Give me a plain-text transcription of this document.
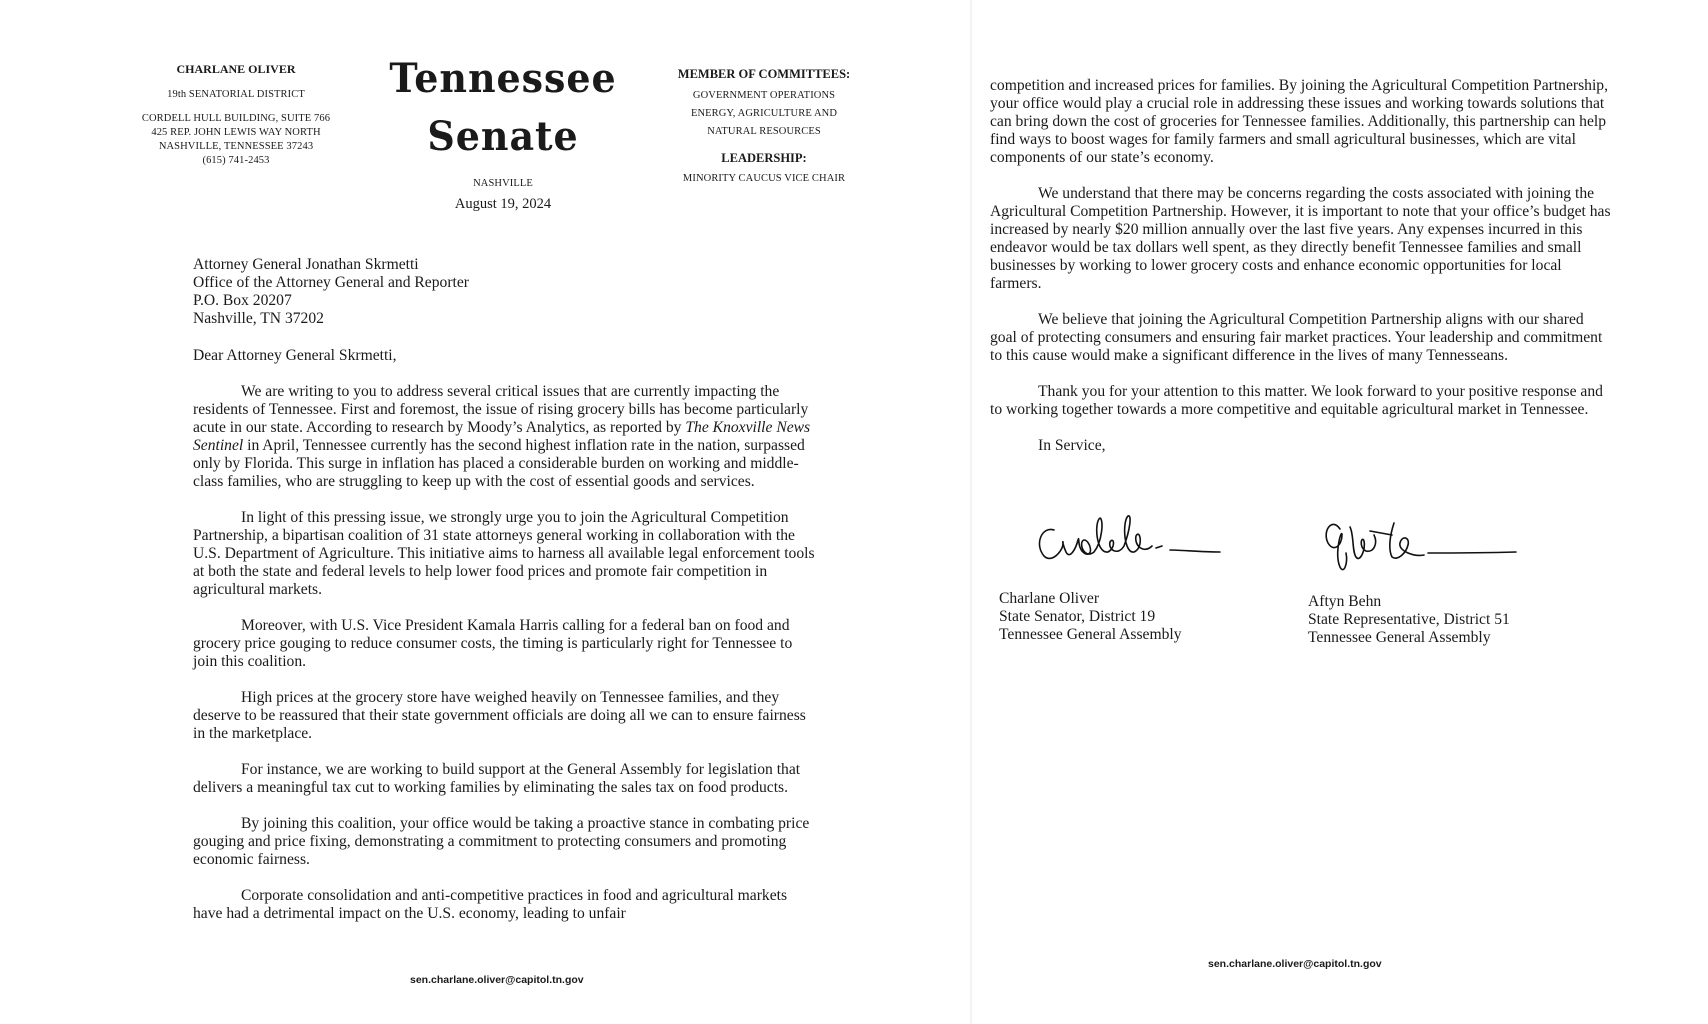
CHARLANE OLIVER
19th SENATORIAL DISTRICT
CORDELL HULL BUILDING, SUITE 766
425 REP. JOHN LEWIS WAY NORTH
NASHVILLE, TENNESSEE 37243
(615) 741-2453
Tennessee
Senate
NASHVILLE
August 19, 2024
MEMBER OF COMMITTEES:
GOVERNMENT OPERATIONS
ENERGY, AGRICULTURE AND
NATURAL RESOURCES
LEADERSHIP:
MINORITY CAUCUS VICE CHAIR
Attorney General Jonathan Skrmetti
Office of the Attorney General and Reporter
P.O. Box 20207
Nashville, TN 37202
Dear Attorney General Skrmetti,

We are writing to you to address several critical issues that are currently impacting the residents of Tennessee. First and foremost, the issue of rising grocery bills has become particularly acute in our state. According to research by Moody’s Analytics, as reported by The Knoxville News Sentinel in April, Tennessee currently has the second highest inflation rate in the nation, surpassed only by Florida. This surge in inflation has placed a considerable burden on working and middle-class families, who are struggling to keep up with the cost of essential goods and services.

In light of this pressing issue, we strongly urge you to join the Agricultural Competition Partnership, a bipartisan coalition of 31 state attorneys general working in collaboration with the U.S. Department of Agriculture. This initiative aims to harness all available legal enforcement tools at both the state and federal levels to help lower food prices and promote fair competition in agricultural markets.

Moreover, with U.S. Vice President Kamala Harris calling for a federal ban on food and grocery price gouging to reduce consumer costs, the timing is particularly right for Tennessee to join this coalition.

High prices at the grocery store have weighed heavily on Tennessee families, and they deserve to be reassured that their state government officials are doing all we can to ensure fairness in the marketplace.

For instance, we are working to build support at the General Assembly for legislation that delivers a meaningful tax cut to working families by eliminating the sales tax on food products.

By joining this coalition, your office would be taking a proactive stance in combating price gouging and price fixing, demonstrating a commitment to protecting consumers and promoting economic fairness.

Corporate consolidation and anti-competitive practices in food and agricultural markets have had a detrimental impact on the U.S. economy, leading to unfair

sen.charlane.oliver@capitol.tn.gov

competition and increased prices for families. By joining the Agricultural Competition Partnership, your office would play a crucial role in addressing these issues and working towards solutions that can bring down the cost of groceries for Tennessee families. Additionally, this partnership can help find ways to boost wages for family farmers and small agricultural businesses, which are vital components of our state’s economy.

We understand that there may be concerns regarding the costs associated with joining the Agricultural Competition Partnership. However, it is important to note that your office’s budget has increased by nearly $20 million annually over the last five years. Any expenses incurred in this endeavor would be tax dollars well spent, as they directly benefit Tennessee families and small businesses by working to lower grocery costs and enhance economic opportunities for local farmers.

We believe that joining the Agricultural Competition Partnership aligns with our shared goal of protecting consumers and ensuring fair market practices. Your leadership and commitment to this cause would make a significant difference in the lives of many Tennesseans.

Thank you for your attention to this matter. We look forward to your positive response and to working together towards a more competitive and equitable agricultural market in Tennessee.

In Service,
Charlane Oliver
State Senator, District 19
Tennessee General Assembly
Aftyn Behn
State Representative, District 51
Tennessee General Assembly
sen.charlane.oliver@capitol.tn.gov
